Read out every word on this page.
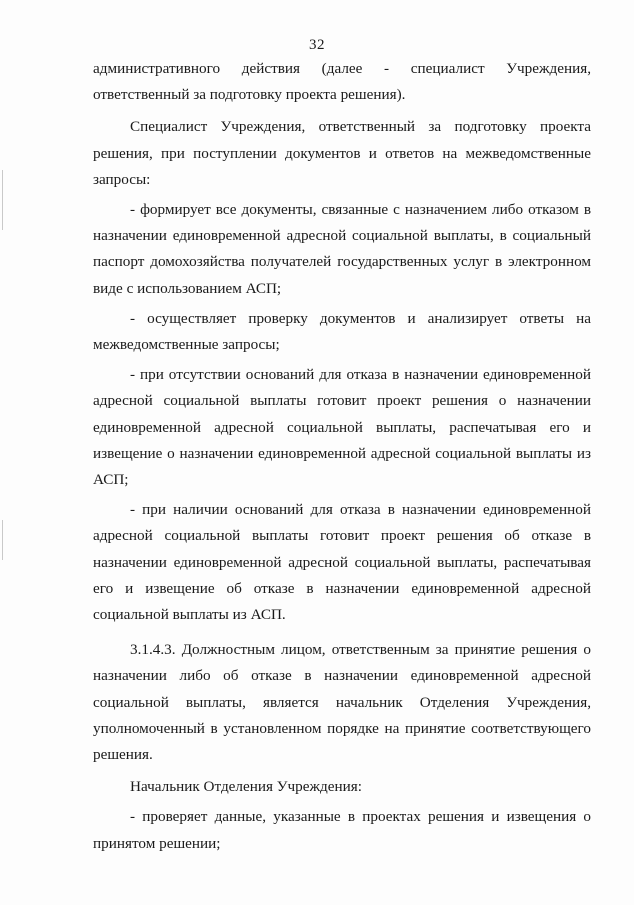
32

административного действия (далее - специалист Учреждения, ответственный за подготовку проекта решения).

Специалист Учреждения, ответственный за подготовку проекта решения, при поступлении документов и ответов на межведомственные запросы:

- формирует все документы, связанные с назначением либо отказом в назначении единовременной адресной социальной выплаты, в социальный паспорт домохозяйства получателей государственных услуг в электронном виде с использованием АСП;

- осуществляет проверку документов и анализирует ответы на межведомственные запросы;

- при отсутствии оснований для отказа в назначении единовременной адресной социальной выплаты готовит проект решения о назначении единовременной адресной социальной выплаты, распечатывая его и извещение о назначении единовременной адресной социальной выплаты из АСП;

- при наличии оснований для отказа в назначении единовременной адресной социальной выплаты готовит проект решения об отказе в назначении единовременной адресной социальной выплаты, распечатывая его и извещение об отказе в назначении единовременной адресной социальной выплаты из АСП.

3.1.4.3. Должностным лицом, ответственным за принятие решения о назначении либо об отказе в назначении единовременной адресной социальной выплаты, является начальник Отделения Учреждения, уполномоченный в установленном порядке на принятие соответствующего решения.

Начальник Отделения Учреждения:

- проверяет данные, указанные в проектах решения и извещения о принятом решении;
